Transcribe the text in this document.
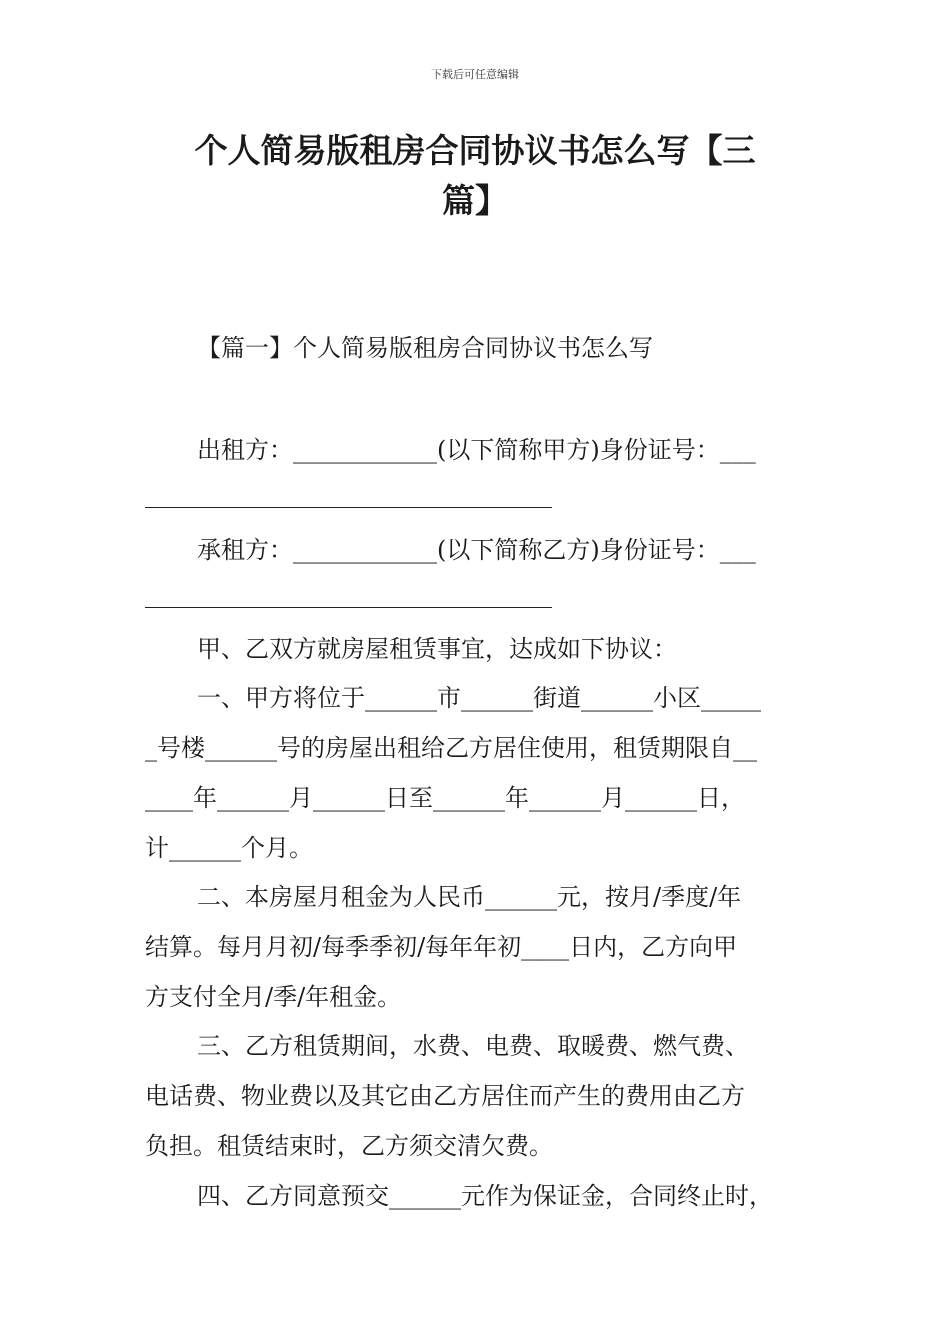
下载后可任意编辑
个人简易版租房合同协议书怎么写【三
篇】
【篇一】个人简易版租房合同协议书怎么写
出租方：____________(以下简称甲方)身份证号：___
承租方：____________(以下简称乙方)身份证号：___
甲、乙双方就房屋租赁事宜，达成如下协议：
一、甲方将位于______市______街道______小区_____
_号楼______号的房屋出租给乙方居住使用，租赁期限自__
____年______月______日至______年______月______日，
计______个月。
二、本房屋月租金为人民币______元，按月/季度/年
结算。每月月初/每季季初/每年年初____日内，乙方向甲
方支付全月/季/年租金。
三、乙方租赁期间，水费、电费、取暖费、燃气费、
电话费、物业费以及其它由乙方居住而产生的费用由乙方
负担。租赁结束时，乙方须交清欠费。
四、乙方同意预交______元作为保证金，合同终止时，
